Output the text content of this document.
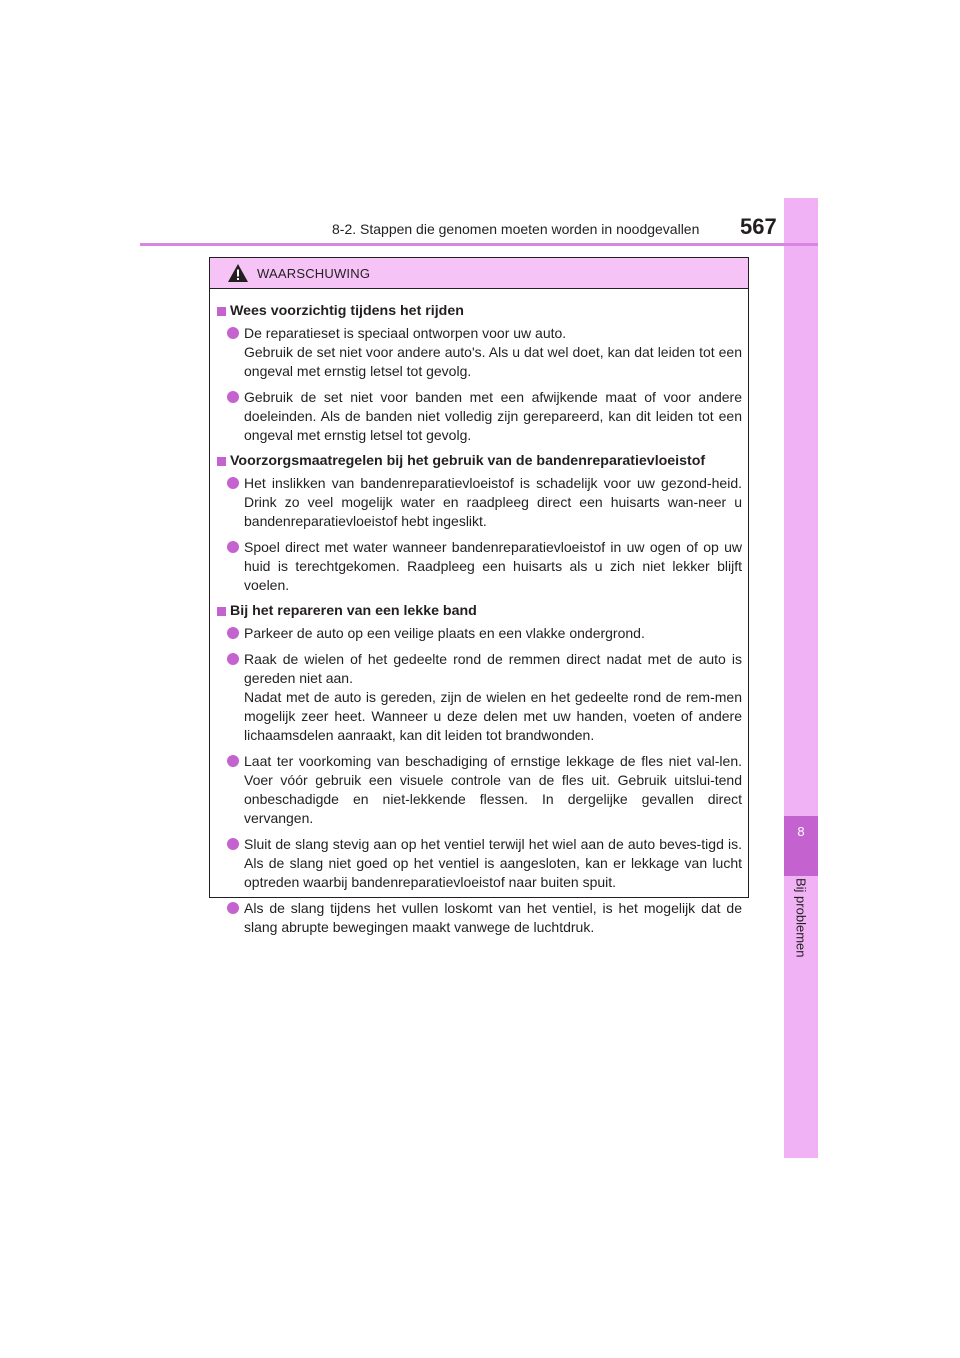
8
Bij problemen
8-2. Stappen die genomen moeten worden in noodgevallen 567
WAARSCHUWING
Wees voorzichtig tijdens het rijden

De reparatieset is speciaal ontworpen voor uw auto.

Gebruik de set niet voor andere auto's. Als u dat wel doet, kan dat leiden tot een ongeval met ernstig letsel tot gevolg.

Gebruik de set niet voor banden met een afwijkende maat of voor andere doeleinden. Als de banden niet volledig zijn gerepareerd, kan dit leiden tot een ongeval met ernstig letsel tot gevolg.

Voorzorgsmaatregelen bij het gebruik van de bandenreparatievloeistof

Het inslikken van bandenreparatievloeistof is schadelijk voor uw gezond-heid. Drink zo veel mogelijk water en raadpleeg direct een huisarts wan-neer u bandenreparatievloeistof hebt ingeslikt.

Spoel direct met water wanneer bandenreparatievloeistof in uw ogen of op uw huid is terechtgekomen. Raadpleeg een huisarts als u zich niet lekker blijft voelen.

Bij het repareren van een lekke band

Parkeer de auto op een veilige plaats en een vlakke ondergrond.

Raak de wielen of het gedeelte rond de remmen direct nadat met de auto is gereden niet aan.

Nadat met de auto is gereden, zijn de wielen en het gedeelte rond de rem-men mogelijk zeer heet. Wanneer u deze delen met uw handen, voeten of andere lichaamsdelen aanraakt, kan dit leiden tot brandwonden.

Laat ter voorkoming van beschadiging of ernstige lekkage de fles niet val-len. Voer vóór gebruik een visuele controle van de fles uit. Gebruik uitslui-tend onbeschadigde en niet-lekkende flessen. In dergelijke gevallen direct vervangen.

Sluit de slang stevig aan op het ventiel terwijl het wiel aan de auto beves-tigd is. Als de slang niet goed op het ventiel is aangesloten, kan er lekkage van lucht optreden waarbij bandenreparatievloeistof naar buiten spuit.

Als de slang tijdens het vullen loskomt van het ventiel, is het mogelijk dat de slang abrupte bewegingen maakt vanwege de luchtdruk.
